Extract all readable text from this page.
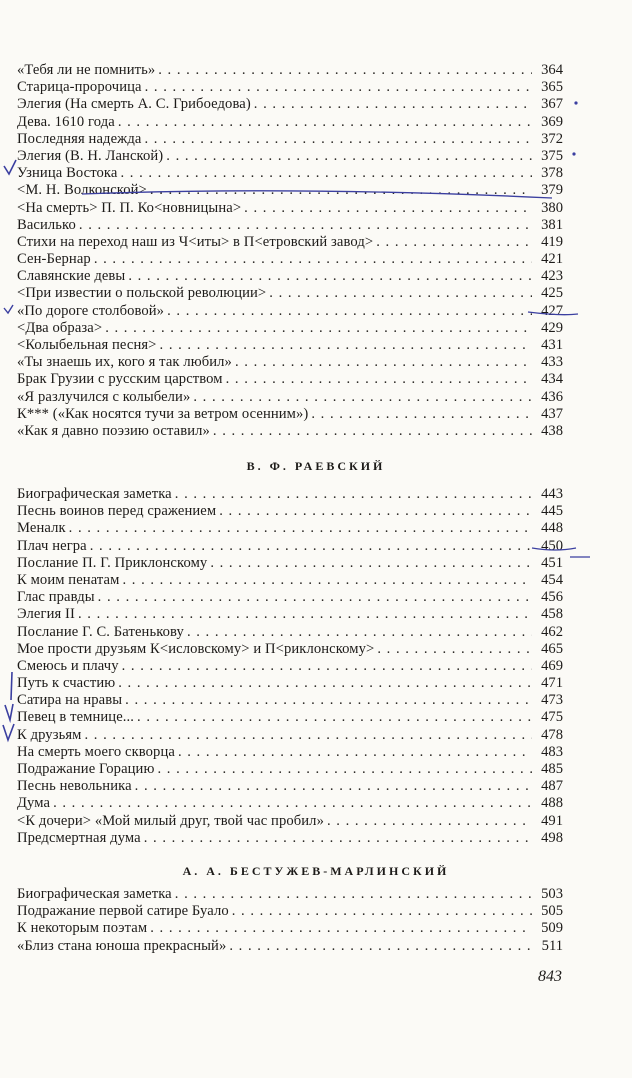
«Тебя ли не помнить» . . .	364
Старица-пророчица . . .	365
Элегия (На смерть А. С. Грибоедова) . . .	367
Дева. 1610 года . . .	369
Последняя надежда . . .	372
Элегия (В. Н. Ланской) . . .	375
Узница Востока . . .	378
<М. Н. Волконской> . . .	379
<На смерть> П. П. Ко<новницына> . . .	380
Василько . . .	381
Стихи на переход наш из Ч<иты> в П<етровский завод> . . .	419
Сен-Бернар . . .	421
Славянские девы . . .	423
<При известии о польской революции> . . .	425
«По дороге столбовой» . . .	427
<Два образа> . . .	429
<Колыбельная песня> . . .	431
«Ты знаешь их, кого я так любил» . . .	433
Брак Грузии с русским царством . . .	434
«Я разлучился с колыбели» . . .	436
К*** («Как носятся тучи за ветром осенним») . . .	437
«Как я давно поэзию оставил» . . .	438
В. Ф. РАЕВСКИЙ
Биографическая заметка . . .	443
Песнь воинов перед сражением . . .	445
Меналк . . .	448
Плач негра . . .	450
Послание П. Г. Приклонскому . . .	451
К моим пенатам . . .	454
Глас правды . . .	456
Элегия II . . .	458
Послание Г. С. Батенькову . . .	462
Мое прости друзьям К<исловскому> и П<риклонскому> . . .	465
Смеюсь и плачу . . .	469
Путь к счастию . . .	471
Сатира на нравы . . .	473
Певец в темнице... . . .	475
К друзьям . . .	478
На смерть моего скворца . . .	483
Подражание Горацию . . .	485
Песнь невольника . . .	487
Дума . . .	488
<К дочери> «Мой милый друг, твой час пробил» . . .	491
Предсмертная дума . . .	498
А. А. БЕСТУЖЕВ-МАРЛИНСКИЙ
Биографическая заметка . . .	503
Подражание первой сатире Буало . . .	505
К некоторым поэтам . . .	509
«Близ стана юноша прекрасный» . . .	511
843
